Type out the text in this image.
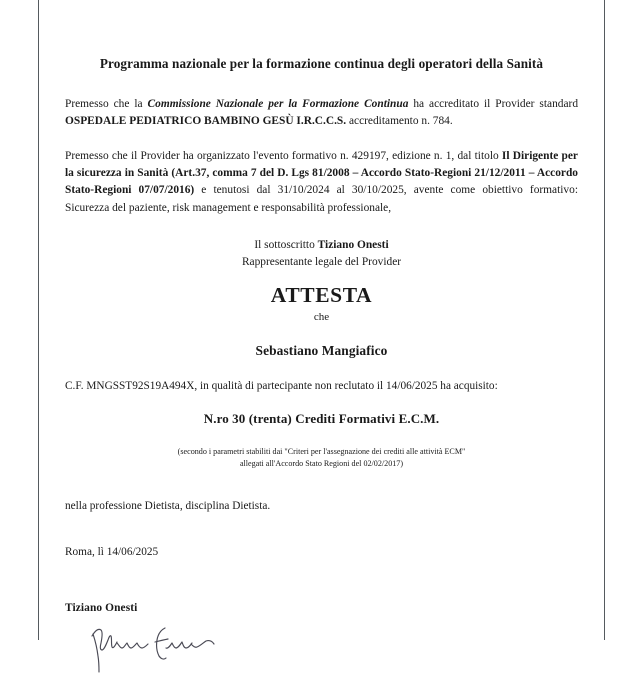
Programma nazionale per la formazione continua degli operatori della Sanità

Premesso che la Commissione Nazionale per la Formazione Continua ha accreditato il Provider standard OSPEDALE PEDIATRICO BAMBINO GESÙ I.R.C.C.S. accreditamento n. 784.

Premesso che il Provider ha organizzato l'evento formativo n. 429197, edizione n. 1, dal titolo Il Dirigente per la sicurezza in Sanità (Art.37, comma 7 del D. Lgs 81/2008 – Accordo Stato-Regioni 21/12/2011 – Accordo Stato-Regioni 07/07/2016) e tenutosi dal 31/10/2024 al 30/10/2025, avente come obiettivo formativo: Sicurezza del paziente, risk management e responsabilità professionale,

Il sottoscritto Tiziano Onesti
Rappresentante legale del Provider
ATTESTA
che
Sebastiano Mangiafico
C.F. MNGSST92S19A494X, in qualità di partecipante non reclutato il 14/06/2025 ha acquisito:
N.ro 30 (trenta) Crediti Formativi E.C.M.
(secondo i parametri stabiliti dai "Criteri per l'assegnazione dei crediti alle attività ECM"
allegati all'Accordo Stato Regioni del 02/02/2017)
nella professione Dietista, disciplina Dietista.
Roma, lì 14/06/2025
Tiziano Onesti
